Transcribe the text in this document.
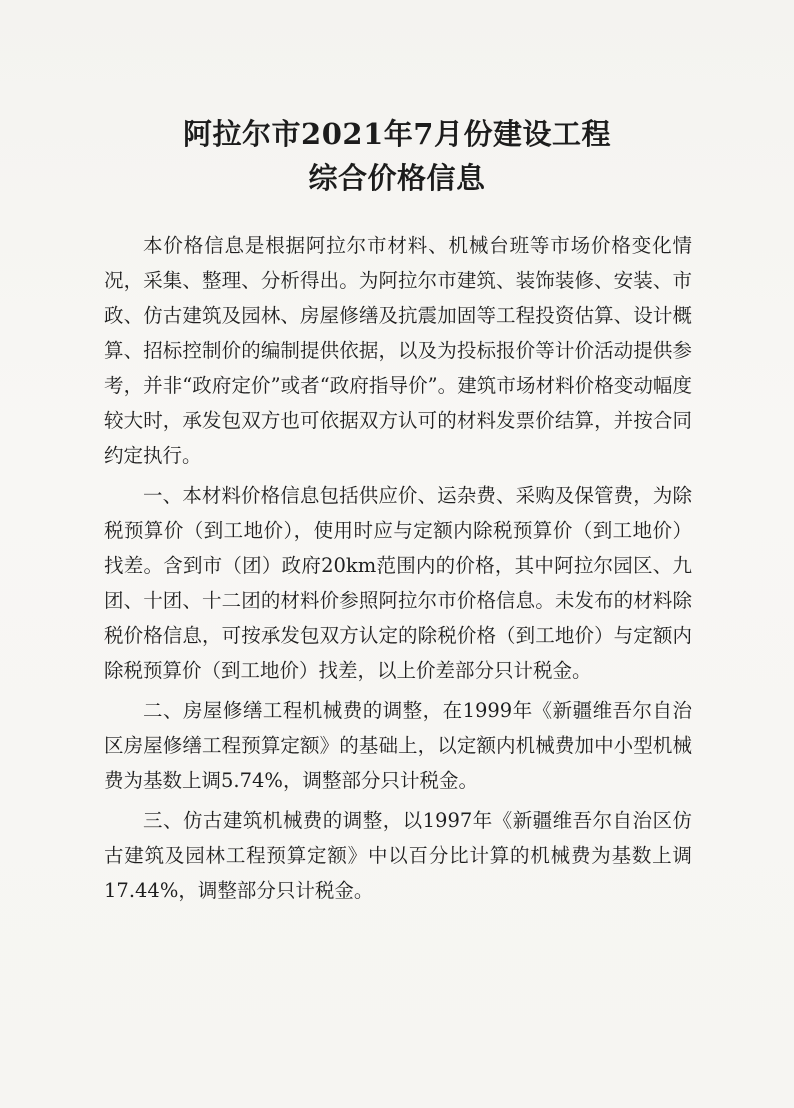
阿拉尔市2021年7月份建设工程
综合价格信息

本价格信息是根据阿拉尔市材料、机械台班等市场价格变化情况，采集、整理、分析得出。为阿拉尔市建筑、装饰装修、安装、市政、仿古建筑及园林、房屋修缮及抗震加固等工程投资估算、设计概算、招标控制价的编制提供依据，以及为投标报价等计价活动提供参考，并非“政府定价”或者“政府指导价”。建筑市场材料价格变动幅度较大时，承发包双方也可依据双方认可的材料发票价结算，并按合同约定执行。

一、本材料价格信息包括供应价、运杂费、采购及保管费，为除税预算价（到工地价），使用时应与定额内除税预算价（到工地价）找差。含到市（团）政府20km范围内的价格，其中阿拉尔园区、九团、十团、十二团的材料价参照阿拉尔市价格信息。未发布的材料除税价格信息，可按承发包双方认定的除税价格（到工地价）与定额内除税预算价（到工地价）找差，以上价差部分只计税金。

二、房屋修缮工程机械费的调整，在1999年《新疆维吾尔自治区房屋修缮工程预算定额》的基础上，以定额内机械费加中小型机械费为基数上调5.74%，调整部分只计税金。

三、仿古建筑机械费的调整，以1997年《新疆维吾尔自治区仿古建筑及园林工程预算定额》中以百分比计算的机械费为基数上调17.44%，调整部分只计税金。
